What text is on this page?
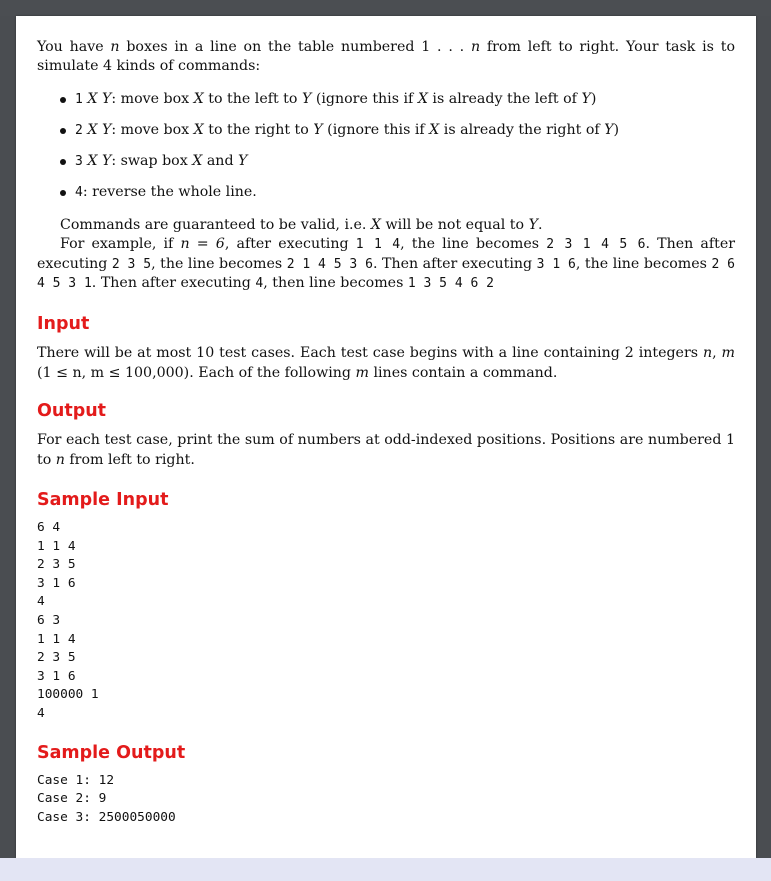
You have n boxes in a line on the table numbered 1 . . . n from left to right. Your task is to simulate 4 kinds of commands:

1 X Y: move box X to the left to Y (ignore this if X is already the left of Y)
2 X Y: move box X to the right to Y (ignore this if X is already the right of Y)
3 X Y: swap box X and Y
4: reverse the whole line.

Commands are guaranteed to be valid, i.e. X will be not equal to Y.

For example, if n = 6, after executing 1 1 4, the line becomes 2 3 1 4 5 6. Then after executing 2 3 5, the line becomes 2 1 4 5 3 6. Then after executing 3 1 6, the line becomes 2 6 4 5 3 1. Then after executing 4, then line becomes 1 3 5 4 6 2

Input

There will be at most 10 test cases. Each test case begins with a line containing 2 integers n, m (1 ≤ n, m ≤ 100,000). Each of the following m lines contain a command.

Output

For each test case, print the sum of numbers at odd-indexed positions. Positions are numbered 1 to n from left to right.

Sample Input
6 4
1 1 4
2 3 5
3 1 6
4
6 3
1 1 4
2 3 5
3 1 6
100000 1
4
Sample Output
Case 1: 12
Case 2: 9
Case 3: 2500050000
